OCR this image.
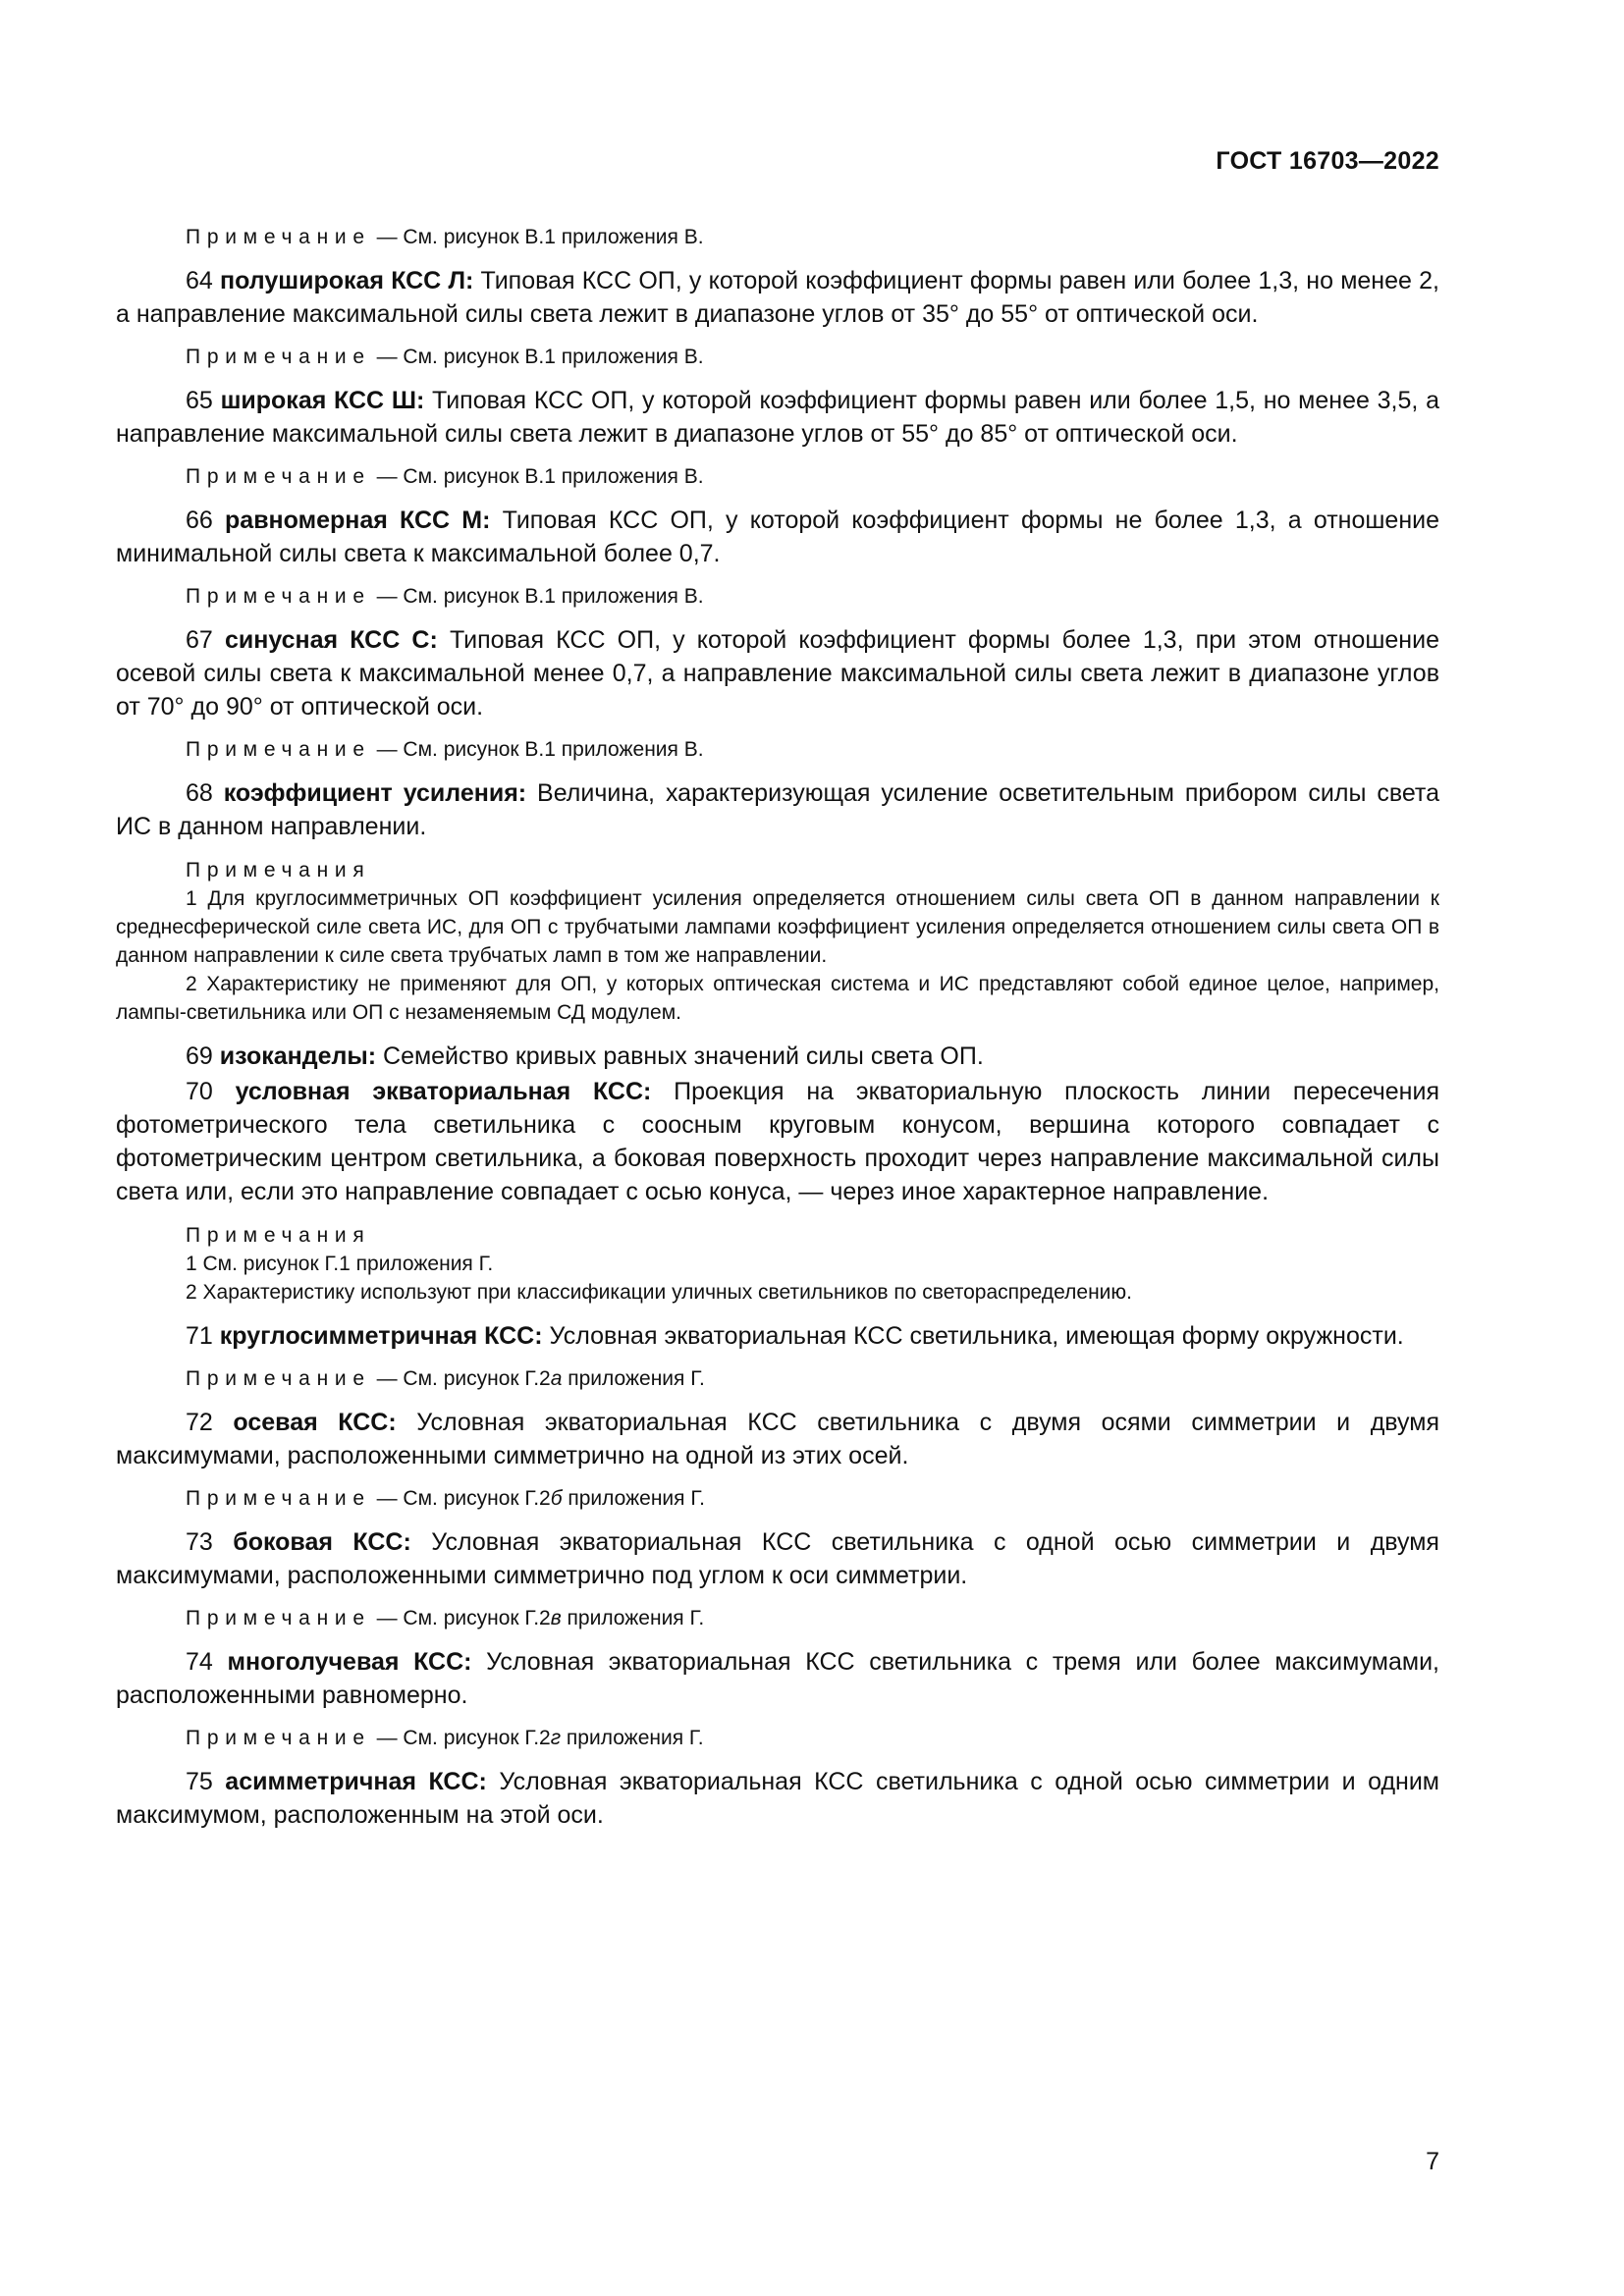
ГОСТ 16703—2022
Примечание — См. рисунок В.1 приложения В.

64 полуширокая КСС Л: Типовая КСС ОП, у которой коэффициент формы равен или более 1,3, но менее 2, а направление максимальной силы света лежит в диапазоне углов от 35° до 55° от оптической оси.

Примечание — См. рисунок В.1 приложения В.

65 широкая КСС Ш: Типовая КСС ОП, у которой коэффициент формы равен или более 1,5, но менее 3,5, а направление максимальной силы света лежит в диапазоне углов от 55° до 85° от оптической оси.

Примечание — См. рисунок В.1 приложения В.

66 равномерная КСС М: Типовая КСС ОП, у которой коэффициент формы не более 1,3, а отношение минимальной силы света к максимальной более 0,7.

Примечание — См. рисунок В.1 приложения В.

67 синусная КСС С: Типовая КСС ОП, у которой коэффициент формы более 1,3, при этом отношение осевой силы света к максимальной менее 0,7, а направление максимальной силы света лежит в диапазоне углов от 70° до 90° от оптической оси.

Примечание — См. рисунок В.1 приложения В.

68 коэффициент усиления: Величина, характеризующая усиление осветительным прибором силы света ИС в данном направлении.

Примечания
1 Для круглосимметричных ОП коэффициент усиления определяется отношением силы света ОП в данном направлении к среднесферической силе света ИС, для ОП с трубчатыми лампами коэффициент усиления определяется отношением силы света ОП в данном направлении к силе света трубчатых ламп в том же направлении.
2 Характеристику не применяют для ОП, у которых оптическая система и ИС представляют собой единое целое, например, лампы-светильника или ОП с незаменяемым СД модулем.

69 изоканделы: Семейство кривых равных значений силы света ОП.

70 условная экваториальная КСС: Проекция на экваториальную плоскость линии пересечения фотометрического тела светильника с соосным круговым конусом, вершина которого совпадает с фотометрическим центром светильника, а боковая поверхность проходит через направление максимальной силы света или, если это направление совпадает с осью конуса, — через иное характерное направление.

Примечания
1 См. рисунок Г.1 приложения Г.
2 Характеристику используют при классификации уличных светильников по светораспределению.

71 круглосимметричная КСС: Условная экваториальная КСС светильника, имеющая форму окружности.

Примечание — См. рисунок Г.2а приложения Г.

72 осевая КСС: Условная экваториальная КСС светильника с двумя осями симметрии и двумя максимумами, расположенными симметрично на одной из этих осей.

Примечание — См. рисунок Г.2б приложения Г.

73 боковая КСС: Условная экваториальная КСС светильника с одной осью симметрии и двумя максимумами, расположенными симметрично под углом к оси симметрии.

Примечание — См. рисунок Г.2в приложения Г.

74 многолучевая КСС: Условная экваториальная КСС светильника с тремя или более максимумами, расположенными равномерно.

Примечание — См. рисунок Г.2г приложения Г.

75 асимметричная КСС: Условная экваториальная КСС светильника с одной осью симметрии и одним максимумом, расположенным на этой оси.

7
